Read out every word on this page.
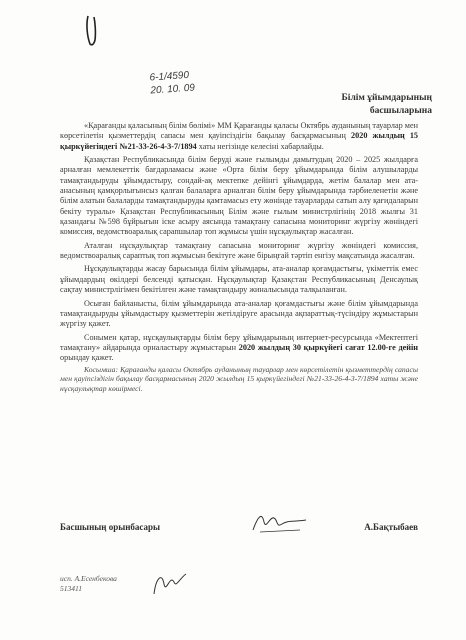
6-1/4590
20. 10. 09
Білім ұйымдарының
басшыларына

«Қарағанды қаласының білім бөлімі» ММ Қарағанды қаласы Октябрь ауданының тауарлар мен көрсетілетін қызметтердің сапасы мен қауіпсіздігін бақылау басқармасының 2020 жылдың 15 қыркүйегіндегі №21-33-26-4-3-7/1894 хаты негізінде келесіні хабарлайды.

Қазақстан Республикасында білім беруді және ғылымды дамытудың 2020 – 2025 жылдарға арналған мемлекеттік бағдарламасы және «Орта білім беру ұйымдарында білім алушыларды тамақтандыруды ұйымдастыру, сондай-ақ мектепке дейінгі ұйымдарда, жетім балалар мен ата-анасының қамқорлығынсыз қалған балаларға арналған білім беру ұйымдарында тәрбиеленетін және білім алатын балаларды тамақтандыруды қамтамасыз ету жөнінде тауарларды сатып алу қағидаларын бекіту туралы» Қазақстан Республикасының Білім және ғылым министрлігінің 2018 жылғы 31 қазандағы №598 бұйрығын іске асыру аясында тамақтану сапасына мониторинг жүргізу жөніндегі комиссия, ведомствоаралық сарапшылар топ жұмысы үшін нұсқаулықтар жасалған.

Аталған нұсқаулықтар тамақтану сапасына мониторинг жүргізу жөніндегі комиссия, ведомствоаралық сараптық топ жұмысын бекітуге және бірыңғай тәртіп енгізу мақсатында жасалған.

Нұсқаулықтарды жасау барысында білім ұйымдары, ата-аналар қоғамдастығы, үкіметтік емес ұйымдардың өкілдері белсенді қатысқан. Нұсқаулықтар Қазақстан Республикасының Денсаулық сақтау министрлігімен бекітілген және тамақтандыру жиналысында талқыланған.

Осыған байланысты, білім ұйымдарында ата-аналар қоғамдастығы және білім ұйымдарында тамақтандыруды ұйымдастыру қызметтерін жетілдіруге арасында ақпараттық-түсіндіру жұмыстарын жүргізу қажет.

Сонымен қатар, нұсқаулықтарды білім беру ұйымдарының интернет-ресурсында «Мектептегі тамақтану» айдарында орналастыру жұмыстарын 2020 жылдың 30 қыркүйегі сағат 12.00-ге дейін орындау қажет.

Косымша: Қарағанды қаласы Октябрь ауданының тауарлар мен көрсетілетін қызметтердің сапасы мен қауіпсіздігін бақылау басқармасының 2020 жылдың 15 қыркүйегіндегі №21-33-26-4-3-7/1894 хаты және нұсқаулықтар көшірмесі.

Басшының орынбасары	А.Бақтыбаев
исп. А.Есенбекова
513411
